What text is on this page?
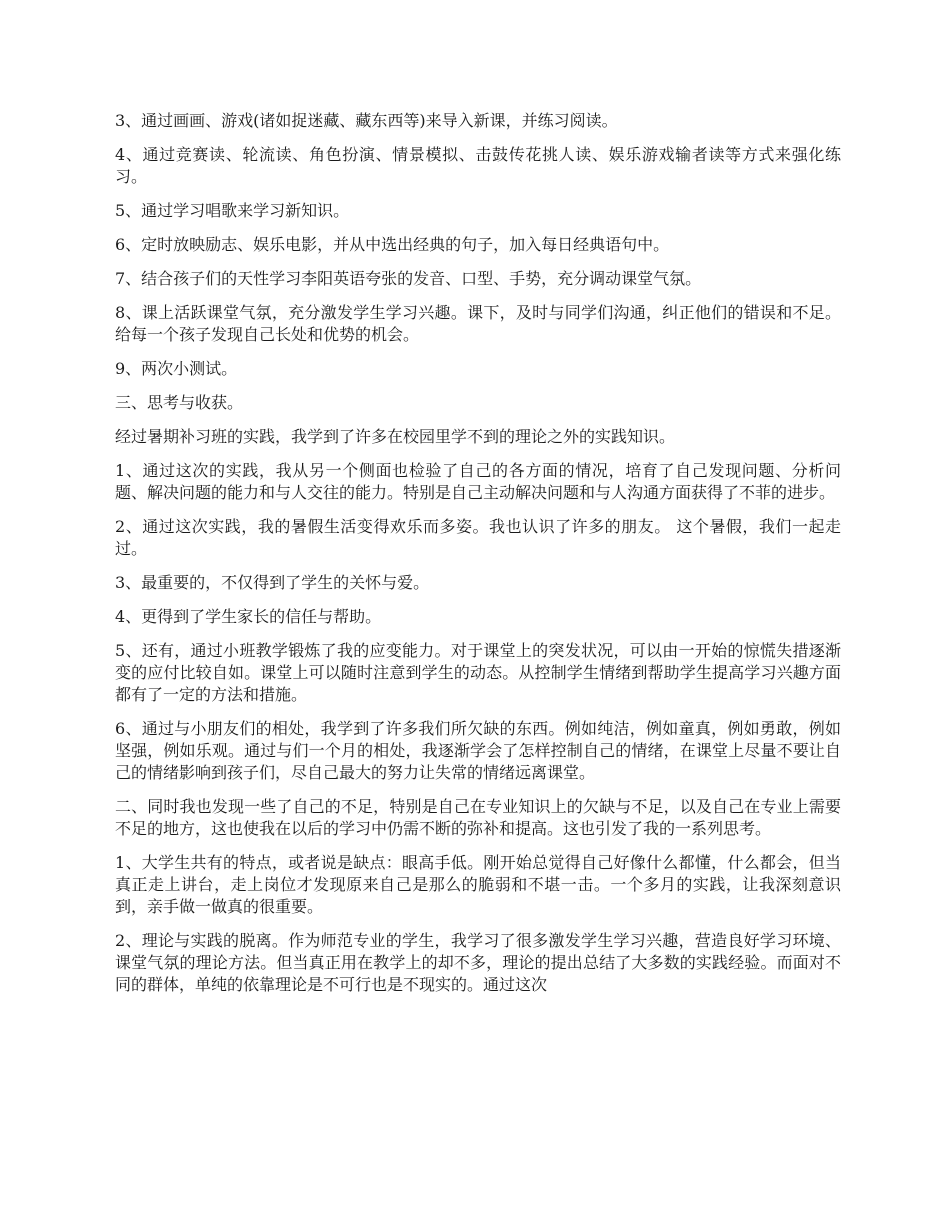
3、通过画画、游戏(诸如捉迷藏、藏东西等)来导入新课，并练习阅读。

4、通过竞赛读、轮流读、角色扮演、情景模拟、击鼓传花挑人读、娱乐游戏输者读等方式来强化练习。

5、通过学习唱歌来学习新知识。

6、定时放映励志、娱乐电影，并从中选出经典的句子，加入每日经典语句中。

7、结合孩子们的天性学习李阳英语夸张的发音、口型、手势，充分调动课堂气氛。

8、课上活跃课堂气氛，充分激发学生学习兴趣。课下，及时与同学们沟通，纠正他们的错误和不足。给每一个孩子发现自己长处和优势的机会。

9、两次小测试。

三、思考与收获。

经过暑期补习班的实践，我学到了许多在校园里学不到的理论之外的实践知识。

1、通过这次的实践，我从另一个侧面也检验了自己的各方面的情况，培育了自己发现问题、分析问题、解决问题的能力和与人交往的能力。特别是自己主动解决问题和与人沟通方面获得了不菲的进步。

2、通过这次实践，我的暑假生活变得欢乐而多姿。我也认识了许多的朋友。 这个暑假，我们一起走过。

3、最重要的，不仅得到了学生的关怀与爱。

4、更得到了学生家长的信任与帮助。

5、还有，通过小班教学锻炼了我的应变能力。对于课堂上的突发状况，可以由一开始的惊慌失措逐渐变的应付比较自如。课堂上可以随时注意到学生的动态。从控制学生情绪到帮助学生提高学习兴趣方面都有了一定的方法和措施。

6、通过与小朋友们的相处，我学到了许多我们所欠缺的东西。例如纯洁，例如童真，例如勇敢，例如坚强，例如乐观。通过与们一个月的相处，我逐渐学会了怎样控制自己的情绪，在课堂上尽量不要让自己的情绪影响到孩子们，尽自己最大的努力让失常的情绪远离课堂。

二、同时我也发现一些了自己的不足，特别是自己在专业知识上的欠缺与不足，以及自己在专业上需要不足的地方，这也使我在以后的学习中仍需不断的弥补和提高。这也引发了我的一系列思考。

1、大学生共有的特点，或者说是缺点：眼高手低。刚开始总觉得自己好像什么都懂，什么都会，但当真正走上讲台，走上岗位才发现原来自己是那么的脆弱和不堪一击。一个多月的实践，让我深刻意识到，亲手做一做真的很重要。

2、理论与实践的脱离。作为师范专业的学生，我学习了很多激发学生学习兴趣，营造良好学习环境、课堂气氛的理论方法。但当真正用在教学上的却不多，理论的提出总结了大多数的实践经验。而面对不同的群体，单纯的依靠理论是不可行也是不现实的。通过这次
